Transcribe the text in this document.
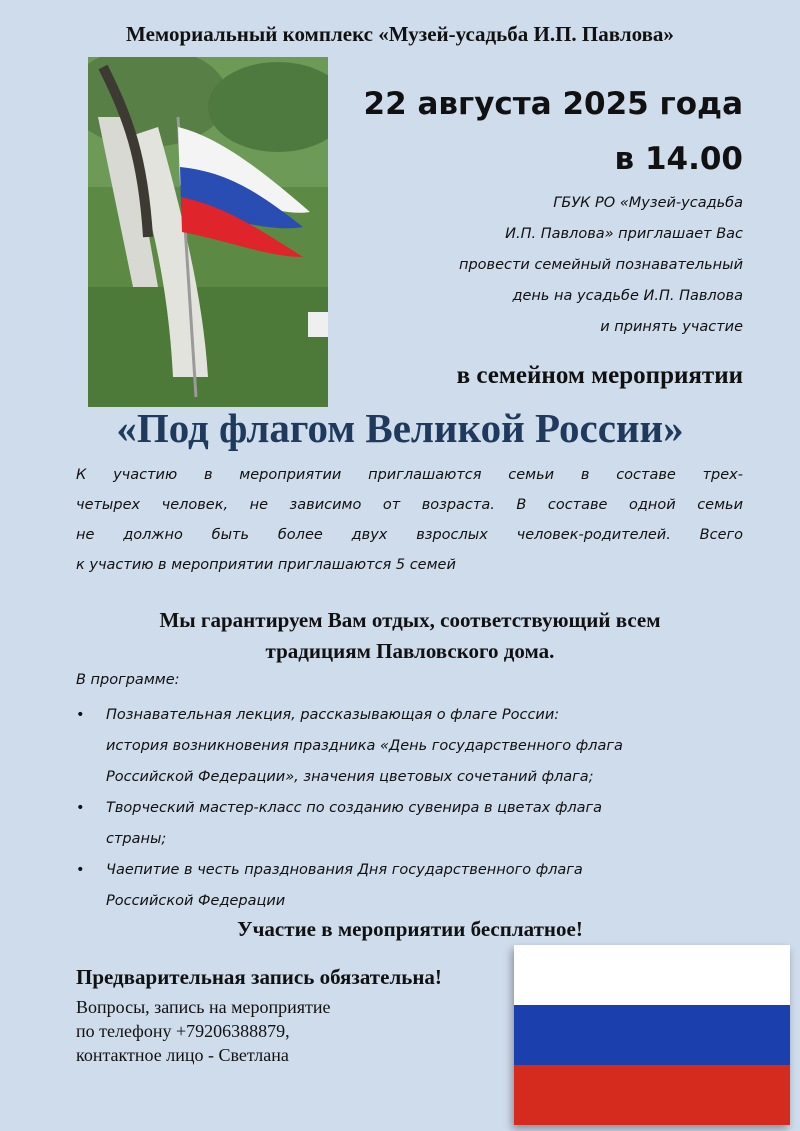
Мемориальный комплекс «Музей-усадьба И.П. Павлова»
22 августа 2025 года
в 14.00
ГБУК РО «Музей-усадьба
И.П. Павлова» приглашает Вас
провести семейный познавательный
день на усадьбе И.П. Павлова
и принять участие
в семейном мероприятии
«Под флагом Великой России»
К участию в мероприятии приглашаются семьи в составе трех-
четырех человек, не зависимо от возраста. В составе одной семьи
не должно быть более двух взрослых человек-родителей. Всего
к участию в мероприятии приглашаются 5 семей
Мы гарантируем Вам отдых, соответствующий всем
традициям Павловского дома.
В программе:
• Познавательная лекция, рассказывающая о флаге России:
история возникновения праздника «День государственного флага
Российской Федерации», значения цветовых сочетаний флага;
• Творческий мастер-класс по созданию сувенира в цветах флага
страны;
• Чаепитие в честь празднования Дня государственного флага
Российской Федерации
Участие в мероприятии бесплатное!
Предварительная запись обязательна!
Вопросы, запись на мероприятие
по телефону +79206388879,
контактное лицо - Светлана
